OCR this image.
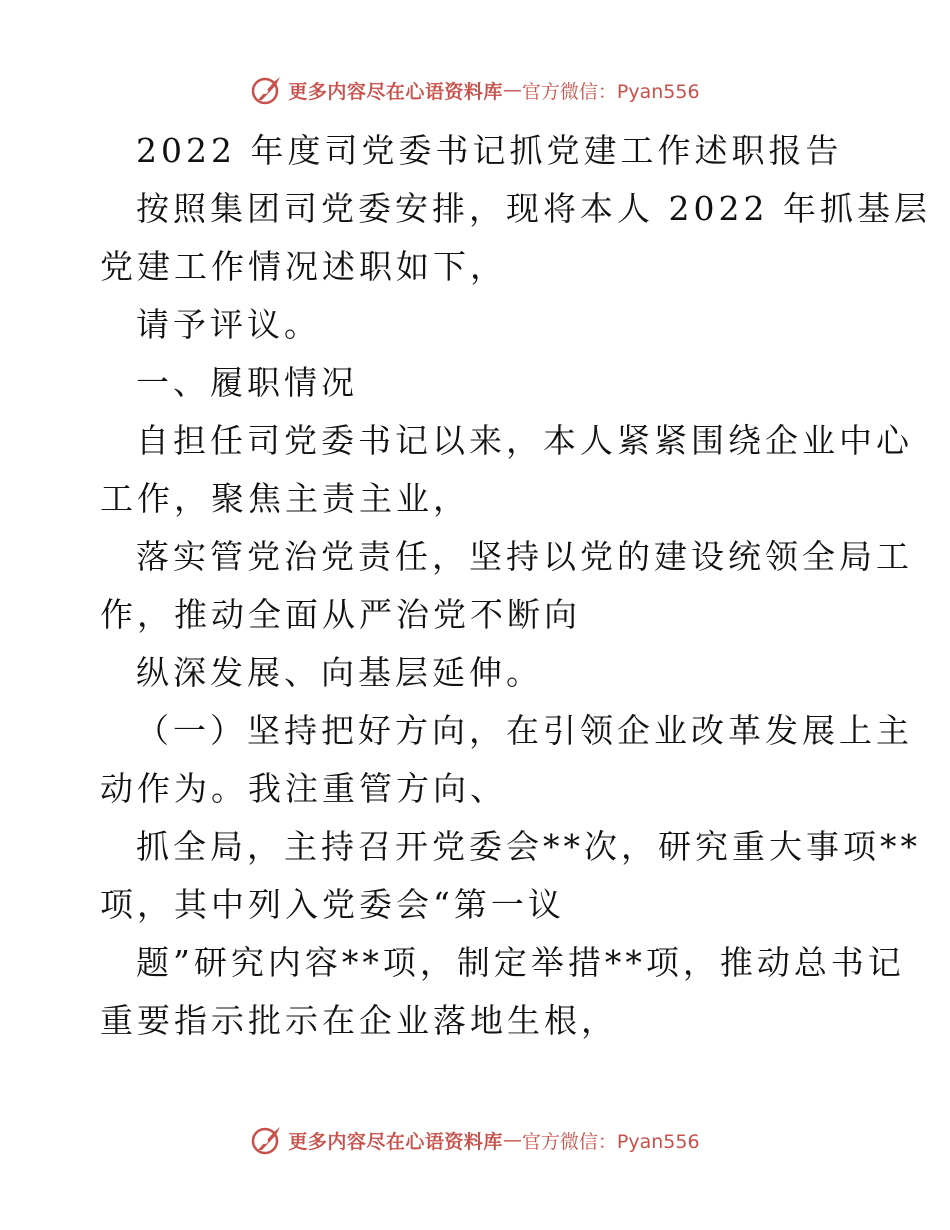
更多内容尽在心语资料库 — 官方微信：Pyan556
2022 年度司党委书记抓党建工作述职报告
按照集团司党委安排，现将本人 2022 年抓基层
党建工作情况述职如下，
请予评议。
一、履职情况
自担任司党委书记以来，本人紧紧围绕企业中心
工作，聚焦主责主业，
落实管党治党责任，坚持以党的建设统领全局工
作，推动全面从严治党不断向
纵深发展、向基层延伸。
（一）坚持把好方向，在引领企业改革发展上主
动作为。我注重管方向、
抓全局，主持召开党委会**次，研究重大事项**
项，其中列入党委会“第一议
题”研究内容**项，制定举措**项，推动总书记
重要指示批示在企业落地生根，
更多内容尽在心语资料库 — 官方微信：Pyan556
